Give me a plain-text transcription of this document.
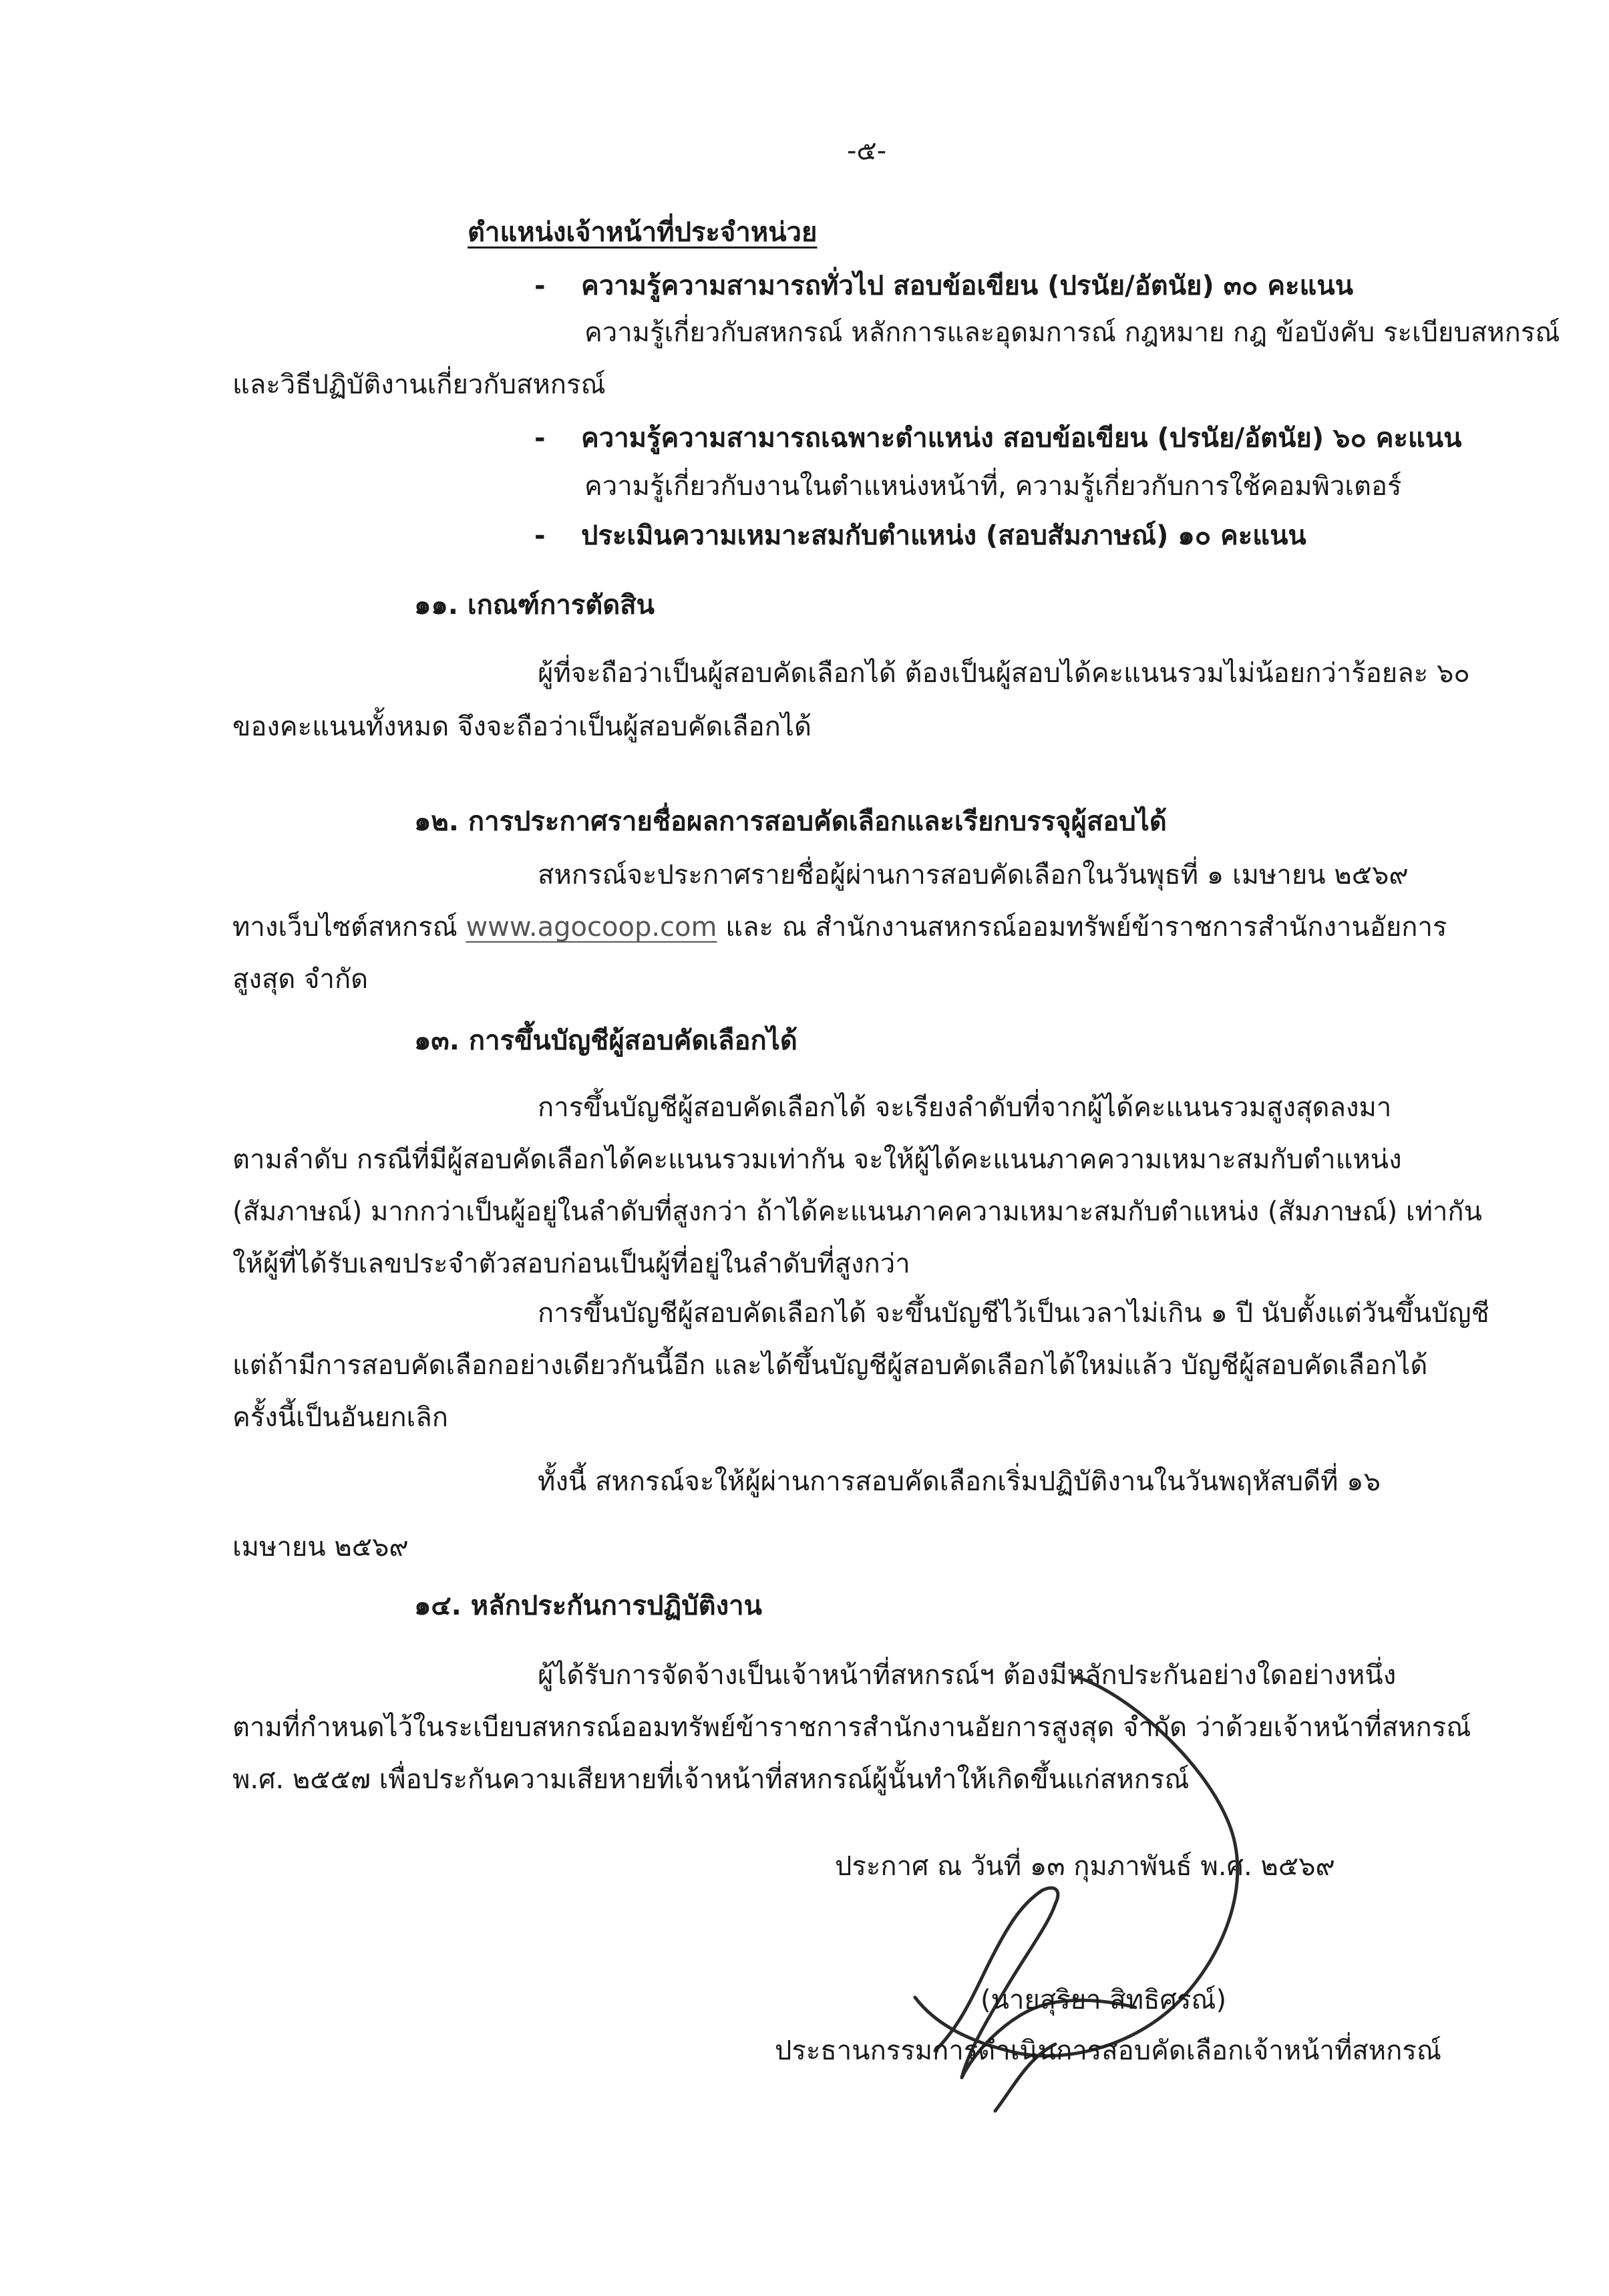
-๕-
ตำแหน่งเจ้าหน้าที่ประจำหน่วย
- ความรู้ความสามารถทั่วไป สอบข้อเขียน (ปรนัย/อัตนัย) ๓๐ คะแนน
ความรู้เกี่ยวกับสหกรณ์ หลักการและอุดมการณ์ กฎหมาย กฎ ข้อบังคับ ระเบียบสหกรณ์
และวิธีปฏิบัติงานเกี่ยวกับสหกรณ์
- ความรู้ความสามารถเฉพาะตำแหน่ง สอบข้อเขียน (ปรนัย/อัตนัย) ๖๐ คะแนน
ความรู้เกี่ยวกับงานในตำแหน่งหน้าที่, ความรู้เกี่ยวกับการใช้คอมพิวเตอร์
- ประเมินความเหมาะสมกับตำแหน่ง (สอบสัมภาษณ์) ๑๐ คะแนน
๑๑. เกณฑ์การตัดสิน
ผู้ที่จะถือว่าเป็นผู้สอบคัดเลือกได้ ต้องเป็นผู้สอบได้คะแนนรวมไม่น้อยกว่าร้อยละ ๖๐
ของคะแนนทั้งหมด จึงจะถือว่าเป็นผู้สอบคัดเลือกได้
๑๒. การประกาศรายชื่อผลการสอบคัดเลือกและเรียกบรรจุผู้สอบได้
สหกรณ์จะประกาศรายชื่อผู้ผ่านการสอบคัดเลือกในวันพุธที่ ๑ เมษายน ๒๕๖๙
ทางเว็บไซต์สหกรณ์ www.agocoop.com และ ณ สำนักงานสหกรณ์ออมทรัพย์ข้าราชการสำนักงานอัยการ
สูงสุด จำกัด
๑๓. การขึ้นบัญชีผู้สอบคัดเลือกได้
การขึ้นบัญชีผู้สอบคัดเลือกได้ จะเรียงลำดับที่จากผู้ได้คะแนนรวมสูงสุดลงมา
ตามลำดับ กรณีที่มีผู้สอบคัดเลือกได้คะแนนรวมเท่ากัน จะให้ผู้ได้คะแนนภาคความเหมาะสมกับตำแหน่ง
(สัมภาษณ์) มากกว่าเป็นผู้อยู่ในลำดับที่สูงกว่า ถ้าได้คะแนนภาคความเหมาะสมกับตำแหน่ง (สัมภาษณ์) เท่ากัน
ให้ผู้ที่ได้รับเลขประจำตัวสอบก่อนเป็นผู้ที่อยู่ในลำดับที่สูงกว่า
การขึ้นบัญชีผู้สอบคัดเลือกได้ จะขึ้นบัญชีไว้เป็นเวลาไม่เกิน ๑ ปี นับตั้งแต่วันขึ้นบัญชี
แต่ถ้ามีการสอบคัดเลือกอย่างเดียวกันนี้อีก และได้ขึ้นบัญชีผู้สอบคัดเลือกได้ใหม่แล้ว บัญชีผู้สอบคัดเลือกได้
ครั้งนี้เป็นอันยกเลิก
ทั้งนี้ สหกรณ์จะให้ผู้ผ่านการสอบคัดเลือกเริ่มปฏิบัติงานในวันพฤหัสบดีที่ ๑๖
เมษายน ๒๕๖๙
๑๔. หลักประกันการปฏิบัติงาน
ผู้ได้รับการจัดจ้างเป็นเจ้าหน้าที่สหกรณ์ฯ ต้องมีหลักประกันอย่างใดอย่างหนึ่ง
ตามที่กำหนดไว้ในระเบียบสหกรณ์ออมทรัพย์ข้าราชการสำนักงานอัยการสูงสุด จำกัด ว่าด้วยเจ้าหน้าที่สหกรณ์
พ.ศ. ๒๕๕๗ เพื่อประกันความเสียหายที่เจ้าหน้าที่สหกรณ์ผู้นั้นทำให้เกิดขึ้นแก่สหกรณ์
ประกาศ ณ วันที่ ๑๓ กุมภาพันธ์ พ.ศ. ๒๕๖๙
(นายสุริยา สิทธิศรณ์)
ประธานกรรมการดำเนินการสอบคัดเลือกเจ้าหน้าที่สหกรณ์
